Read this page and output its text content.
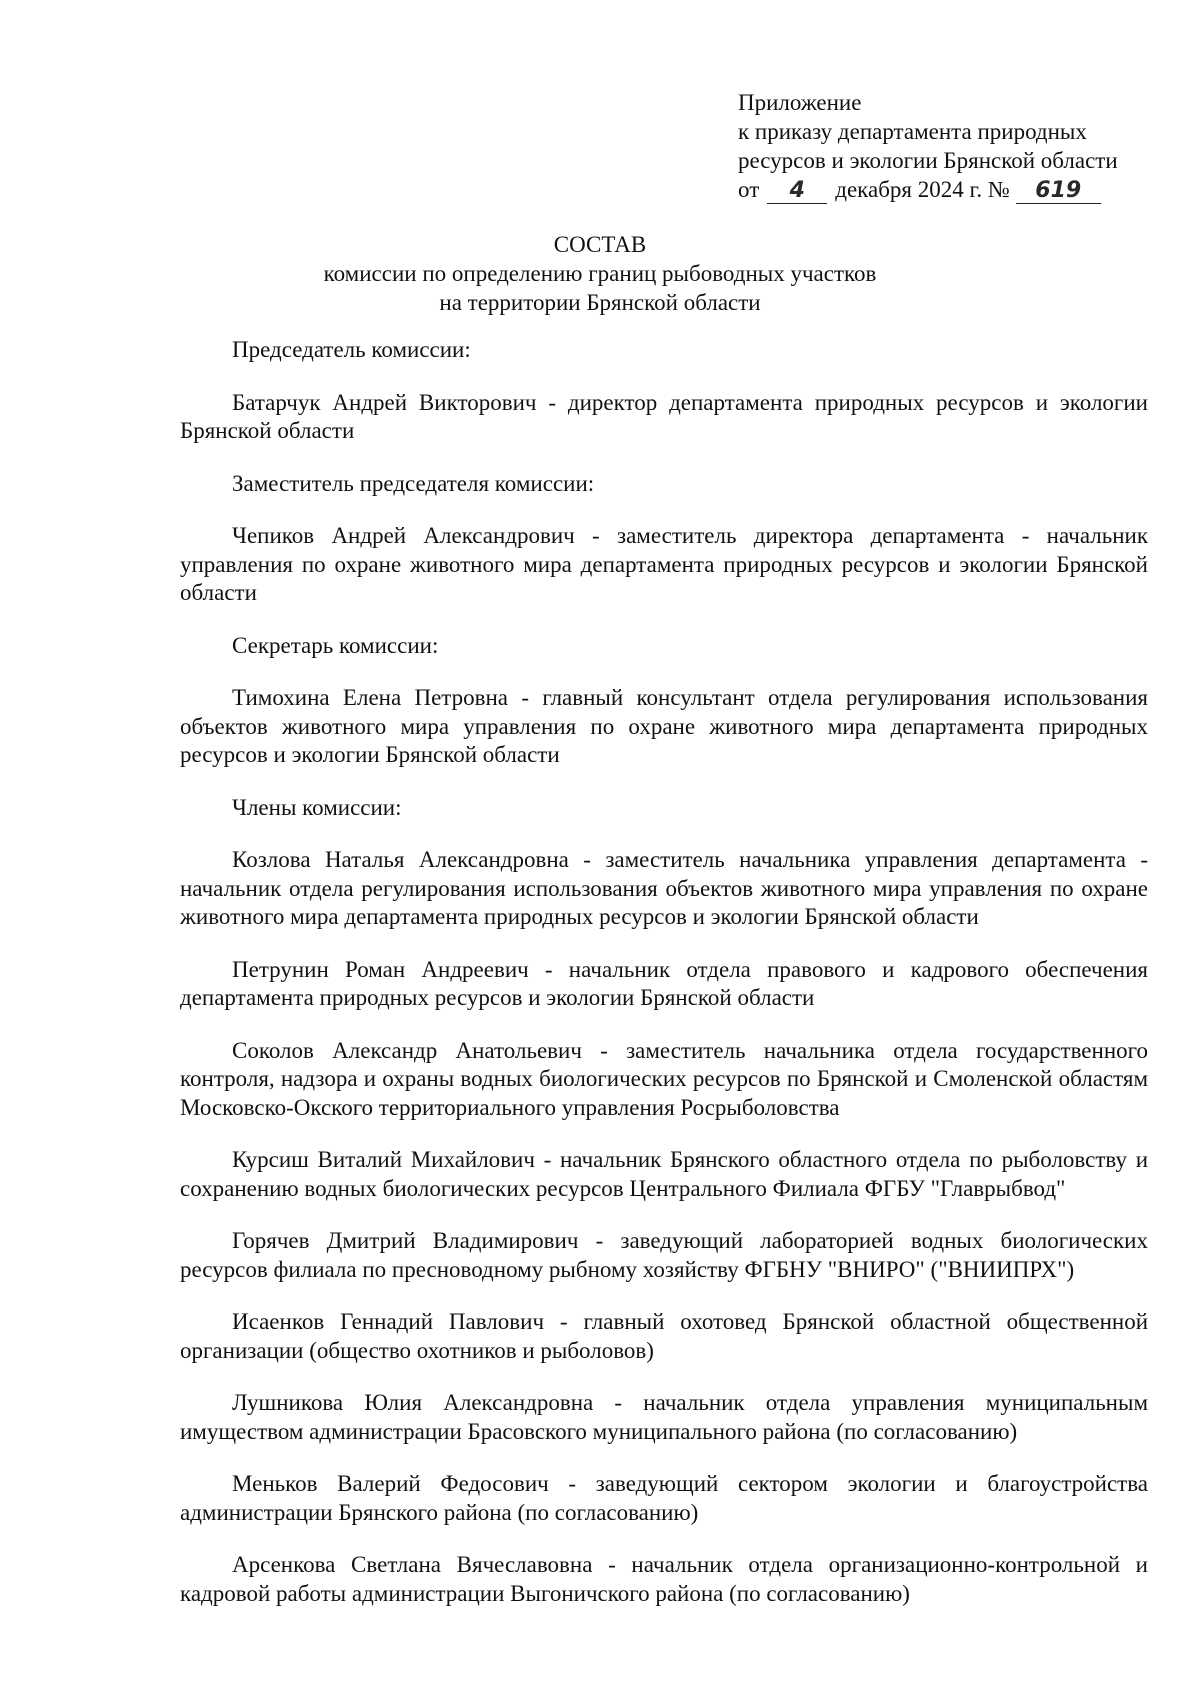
Приложение
к приказу департамента природных
ресурсов и экологии Брянской области
от 4 декабря 2024 г. № 619
СОСТАВ
комиссии по определению границ рыбоводных участков
на территории Брянской области

Председатель комиссии:

Батарчук Андрей Викторович - директор департамента природных ресурсов и экологии Брянской области

Заместитель председателя комиссии:

Чепиков Андрей Александрович - заместитель директора департамента - начальник управления по охране животного мира департамента природных ресурсов и экологии Брянской области

Секретарь комиссии:

Тимохина Елена Петровна - главный консультант отдела регулирования использования объектов животного мира управления по охране животного мира департамента природных ресурсов и экологии Брянской области

Члены комиссии:

Козлова Наталья Александровна - заместитель начальника управления департамента - начальник отдела регулирования использования объектов животного мира управления по охране животного мира департамента природных ресурсов и экологии Брянской области

Петрунин Роман Андреевич - начальник отдела правового и кадрового обеспечения департамента природных ресурсов и экологии Брянской области

Соколов Александр Анатольевич - заместитель начальника отдела государственного контроля, надзора и охраны водных биологических ресурсов по Брянской и Смоленской областям Московско-Окского территориального управления Росрыболовства

Курсиш Виталий Михайлович - начальник Брянского областного отдела по рыболовству и сохранению водных биологических ресурсов Центрального Филиала ФГБУ "Главрыбвод"

Горячев Дмитрий Владимирович - заведующий лабораторией водных биологических ресурсов филиала по пресноводному рыбному хозяйству ФГБНУ "ВНИРО" ("ВНИИПРХ")

Исаенков Геннадий Павлович - главный охотовед Брянской областной общественной организации (общество охотников и рыболовов)

Лушникова Юлия Александровна - начальник отдела управления муниципальным имуществом администрации Брасовского муниципального района (по согласованию)

Меньков Валерий Федосович - заведующий сектором экологии и благоустройства администрации Брянского района (по согласованию)

Арсенкова Светлана Вячеславовна - начальник отдела организационно-контрольной и кадровой работы администрации Выгоничского района (по согласованию)
